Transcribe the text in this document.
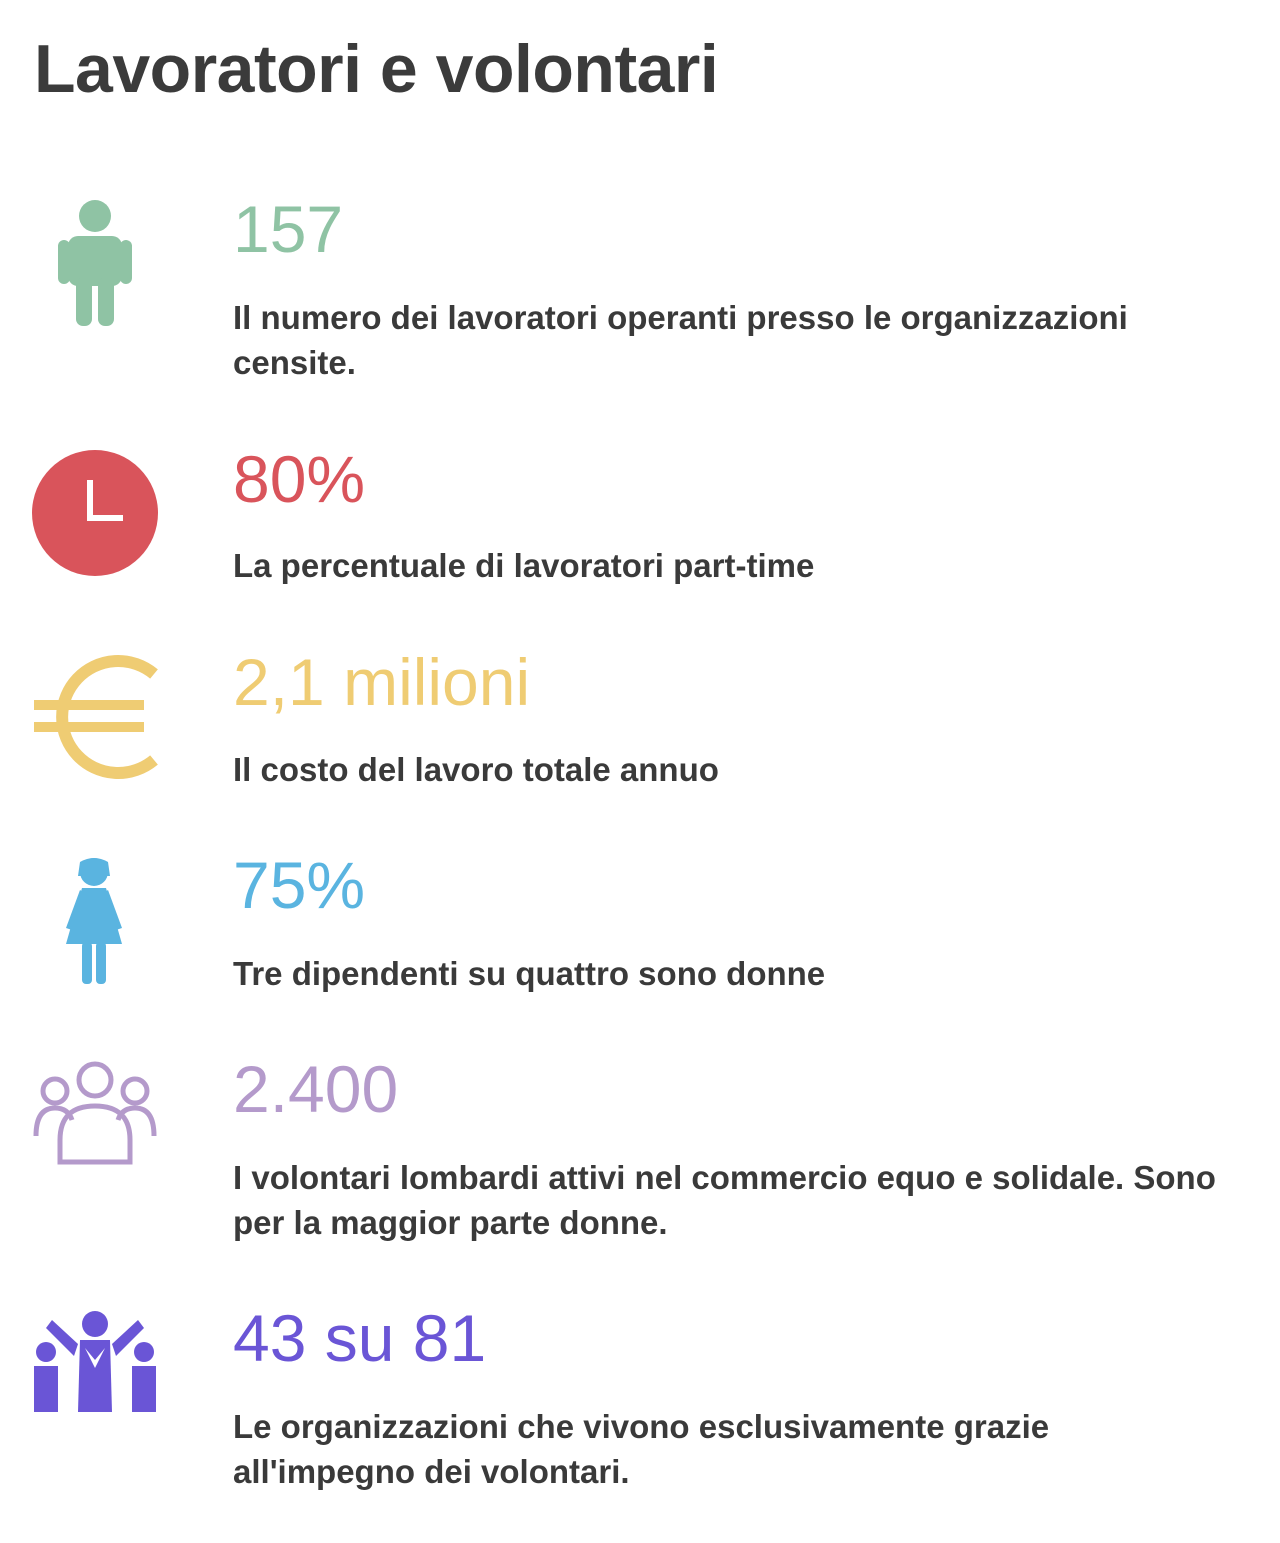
Lavoratori e volontari
157

Il numero dei lavoratori operanti presso le organizzazioni censite.

80%

La percentuale di lavoratori part-time

2,1 milioni

Il costo del lavoro totale annuo

75%

Tre dipendenti su quattro sono donne

2.400

I volontari lombardi attivi nel commercio equo e solidale. Sono per la maggior parte donne.

43 su 81

Le organizzazioni che vivono esclusivamente grazie all'impegno dei volontari.
